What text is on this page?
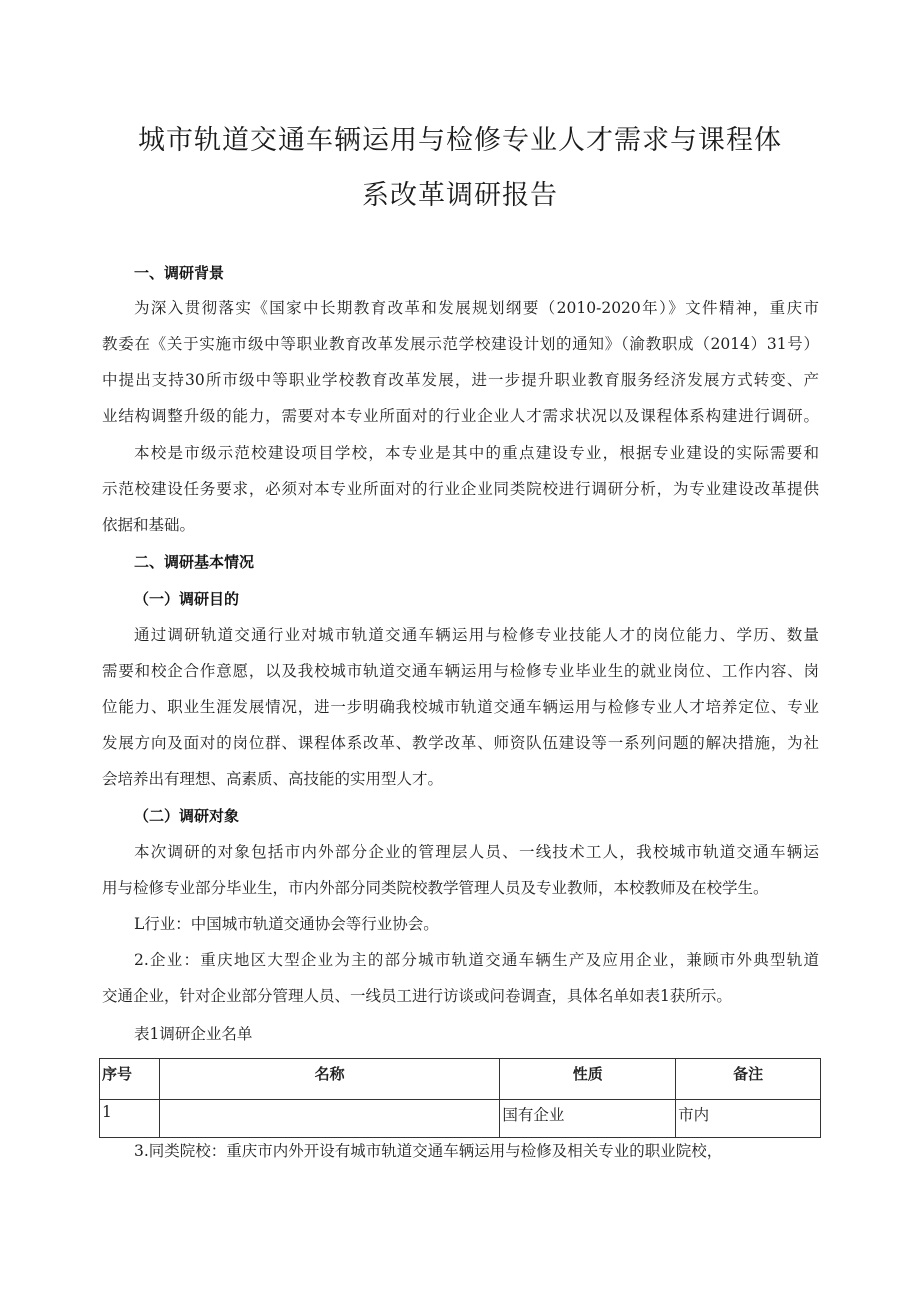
城市轨道交通车辆运用与检修专业人才需求与课程体
系改革调研报告
一、调研背景
为深入贯彻落实《国家中长期教育改革和发展规划纲要（2010-2020年）》文件精神，重庆市
教委在《关于实施市级中等职业教育改革发展示范学校建设计划的通知》（渝教职成（2014）31号）
中提出支持30所市级中等职业学校教育改革发展，进一步提升职业教育服务经济发展方式转变、产
业结构调整升级的能力，需要对本专业所面对的行业企业人才需求状况以及课程体系构建进行调研。
本校是市级示范校建设项目学校，本专业是其中的重点建设专业，根据专业建设的实际需要和
示范校建设任务要求，必须对本专业所面对的行业企业同类院校进行调研分析，为专业建设改革提供
依据和基础。
二、调研基本情况
（一）调研目的
通过调研轨道交通行业对城市轨道交通车辆运用与检修专业技能人才的岗位能力、学历、数量
需要和校企合作意愿，以及我校城市轨道交通车辆运用与检修专业毕业生的就业岗位、工作内容、岗
位能力、职业生涯发展情况，进一步明确我校城市轨道交通车辆运用与检修专业人才培养定位、专业
发展方向及面对的岗位群、课程体系改革、教学改革、师资队伍建设等一系列问题的解决措施，为社
会培养出有理想、高素质、高技能的实用型人才。
（二）调研对象
本次调研的对象包括市内外部分企业的管理层人员、一线技术工人，我校城市轨道交通车辆运
用与检修专业部分毕业生，市内外部分同类院校教学管理人员及专业教师，本校教师及在校学生。
L行业：中国城市轨道交通协会等行业协会。
2.企业：重庆地区大型企业为主的部分城市轨道交通车辆生产及应用企业，兼顾市外典型轨道
交通企业，针对企业部分管理人员、一线员工进行访谈或问卷调查，具体名单如表1获所示。
表1调研企业名单
序号	名称	性质	备注
1		国有企业	市内
3.同类院校：重庆市内外开设有城市轨道交通车辆运用与检修及相关专业的职业院校，
